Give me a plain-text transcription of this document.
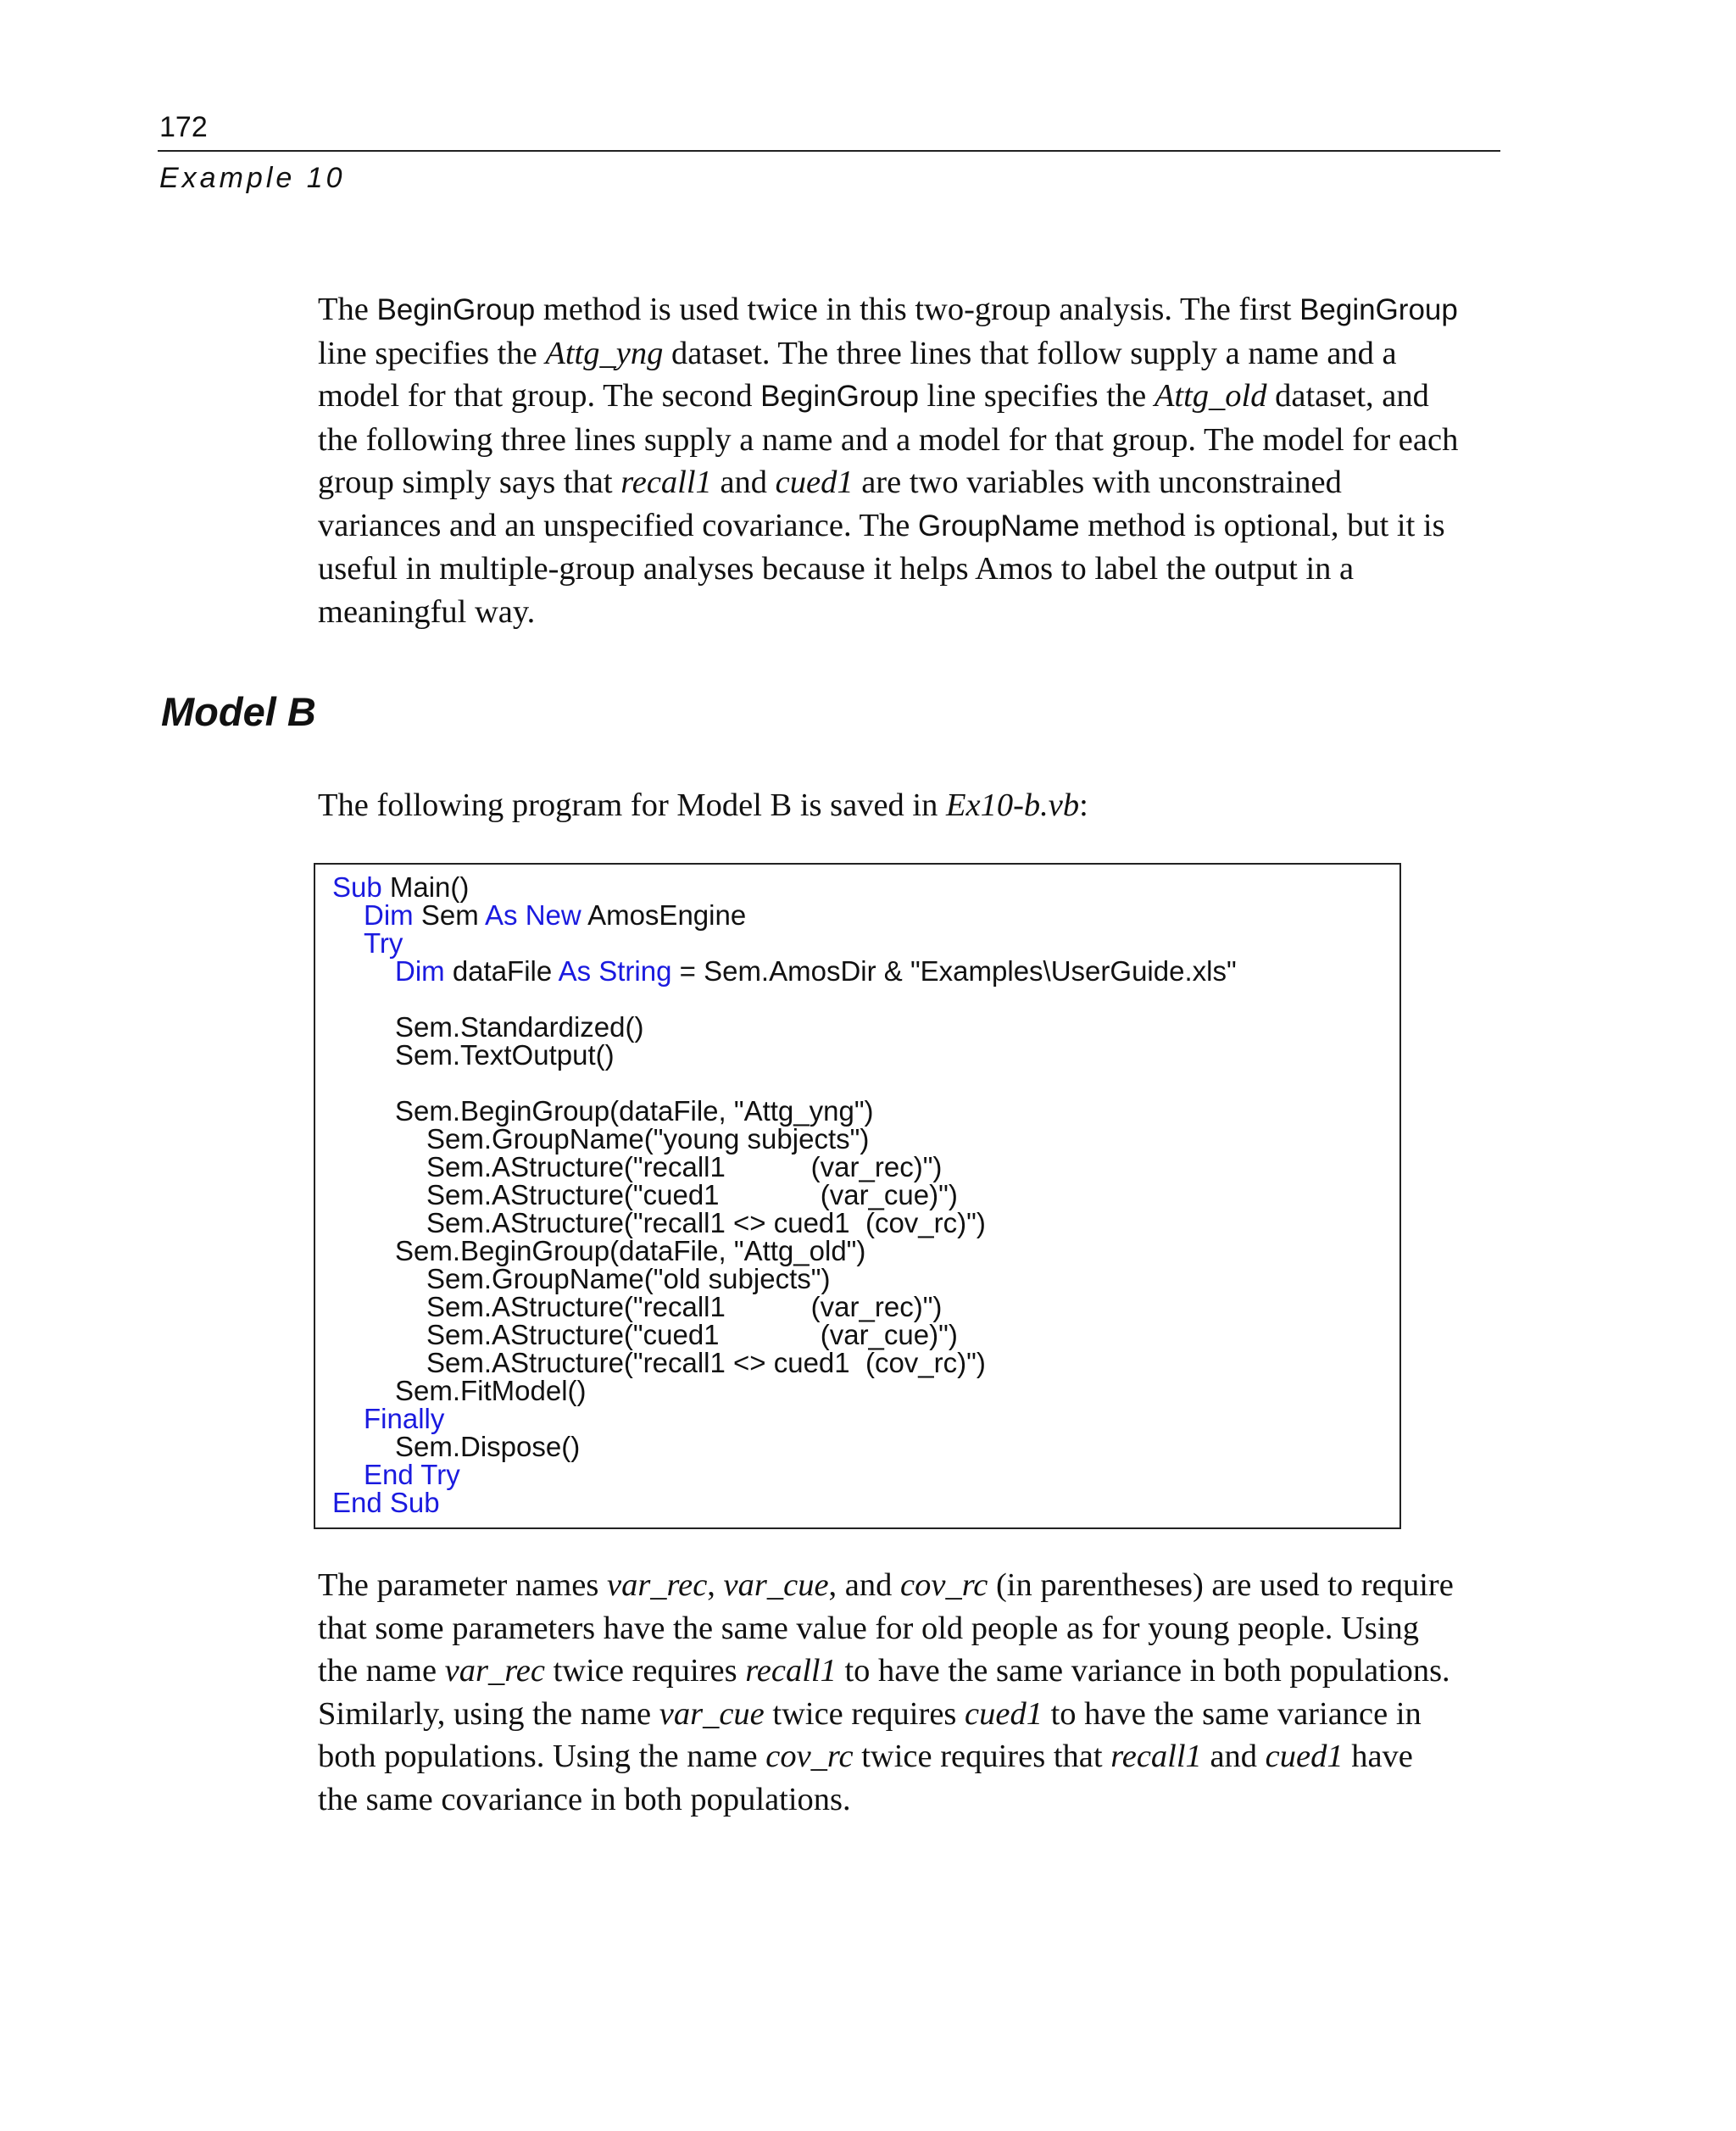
172
Example 10

The BeginGroup method is used twice in this two-group analysis. The first BeginGroup
line specifies the Attg_yng dataset. The three lines that follow supply a name and a
model for that group. The second BeginGroup line specifies the Attg_old dataset, and
the following three lines supply a name and a model for that group. The model for each
group simply says that recall1 and cued1 are two variables with unconstrained
variances and an unspecified covariance. The GroupName method is optional, but it is
useful in multiple-group analyses because it helps Amos to label the output in a
meaningful way.

Model B

The following program for Model B is saved in Ex10-b.vb:

Sub Main()
Dim Sem As New AmosEngine
Try
Dim dataFile As String = Sem.AmosDir & "Examples\UserGuide.xls"
Sem.Standardized()
Sem.TextOutput()
Sem.BeginGroup(dataFile, "Attg_yng")
Sem.GroupName("young subjects")
Sem.AStructure("recall1           (var_rec)")
Sem.AStructure("cued1             (var_cue)")
Sem.AStructure("recall1 <> cued1  (cov_rc)")
Sem.BeginGroup(dataFile, "Attg_old")
Sem.GroupName("old subjects")
Sem.AStructure("recall1           (var_rec)")
Sem.AStructure("cued1             (var_cue)")
Sem.AStructure("recall1 <> cued1  (cov_rc)")
Sem.FitModel()
Finally
Sem.Dispose()
End Try
End Sub

The parameter names var_rec, var_cue, and cov_rc (in parentheses) are used to require
that some parameters have the same value for old people as for young people. Using
the name var_rec twice requires recall1 to have the same variance in both populations.
Similarly, using the name var_cue twice requires cued1 to have the same variance in
both populations. Using the name cov_rc twice requires that recall1 and cued1 have
the same covariance in both populations.
